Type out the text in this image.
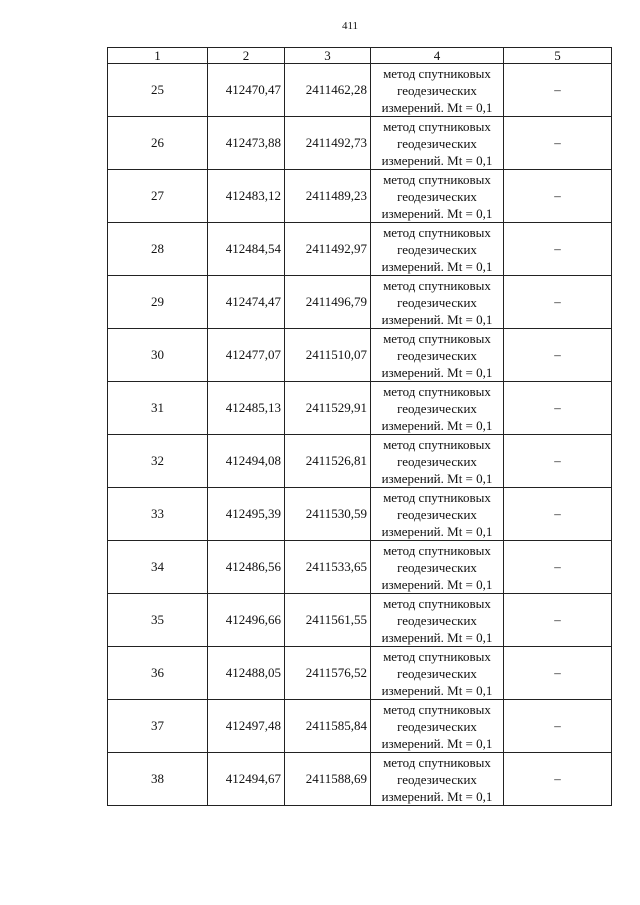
411
1	2	3	4	5
25	412470,47	2411462,28	метод спутниковых
геодезических
измерений. Mt = 0,1	–
26	412473,88	2411492,73	метод спутниковых
геодезических
измерений. Mt = 0,1	–
27	412483,12	2411489,23	метод спутниковых
геодезических
измерений. Mt = 0,1	–
28	412484,54	2411492,97	метод спутниковых
геодезических
измерений. Mt = 0,1	–
29	412474,47	2411496,79	метод спутниковых
геодезических
измерений. Mt = 0,1	–
30	412477,07	2411510,07	метод спутниковых
геодезических
измерений. Mt = 0,1	–
31	412485,13	2411529,91	метод спутниковых
геодезических
измерений. Mt = 0,1	–
32	412494,08	2411526,81	метод спутниковых
геодезических
измерений. Mt = 0,1	–
33	412495,39	2411530,59	метод спутниковых
геодезических
измерений. Mt = 0,1	–
34	412486,56	2411533,65	метод спутниковых
геодезических
измерений. Mt = 0,1	–
35	412496,66	2411561,55	метод спутниковых
геодезических
измерений. Mt = 0,1	–
36	412488,05	2411576,52	метод спутниковых
геодезических
измерений. Mt = 0,1	–
37	412497,48	2411585,84	метод спутниковых
геодезических
измерений. Mt = 0,1	–
38	412494,67	2411588,69	метод спутниковых
геодезических
измерений. Mt = 0,1	–
